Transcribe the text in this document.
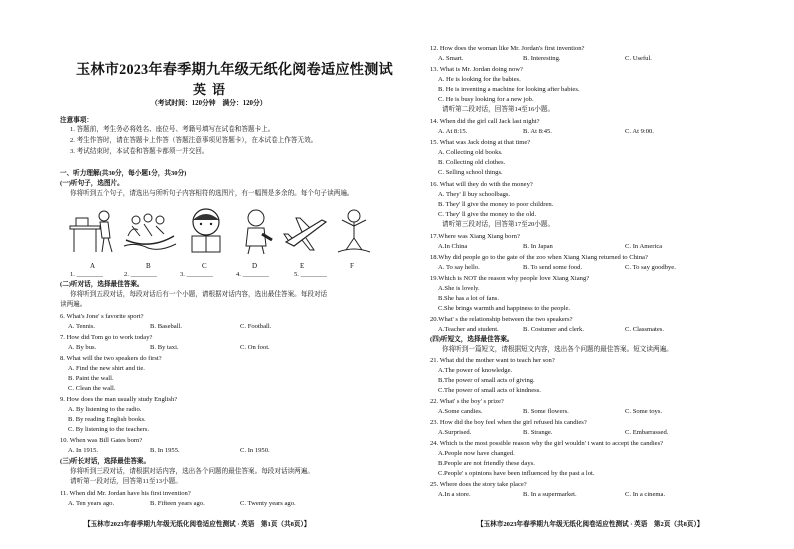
玉林市2023年春季期九年级无纸化阅卷适应性测试
英语
（考试时间：120分钟　满分：120分）
注意事项：
1. 答题前，考生务必将姓名、座位号、考籍号填写在试卷和答题卡上。
2. 考生作答时，请在答题卡上作答（答题注意事项见答题卡），在本试卷上作答无效。
3. 考试结束时，本试卷和答题卡都须一并交回。
一、听力理解(共30分，每小题1分，共30分)
(一)听句子，选图片。
你将听到五个句子，请选出与所听句子内容相符的选图片，有一幅图是多余的。每个句子读两遍。
A	B	C	D	E	F
1. ________	2. ________	3. ________	4. ________	5. ________
(二)听对话，选择最佳答案。
你将听到五段对话，每段对话后有一个小题，请根据对话内容，选出最佳答案。每段对话
读两遍。
6. What's Jone' s favorite sport?
A. Tennis.	B. Baseball.	C. Football.
7. How did Tom go to work today?
A. By bus.	B. By taxi.	C. On foot.
8. What will the two speakers do first?
A. Find the new shirt and tie.
B. Paint the wall.
C. Clean the wall.
9. How does the man usually study English?
A. By listening to the radio.
B. By reading English books.
C. By listening to the teachers.
10. When was Bill Gates born?
A. In 1915.	B. In 1955.	C. In 1950.
(三)听长对话，选择最佳答案。
你将听到三段对话，请根据对话内容，选出各个问题的最佳答案。每段对话读两遍。
请听第一段对话，回答第11至13小题。
11. When did Mr. Jordan have his first invention?
A. Ten years ago.	B. Fifteen years ago.	C. Twenty years ago.
【玉林市2023年春季期九年级无纸化阅卷适应性测试 · 英语　第1页（共8页）】
12. How does the woman like Mr. Jordan's first invention?
A. Smart.	B. Interesting.	C. Useful.
13. What is Mr. Jordan doing now?
A. He is looking for the babies.
B. He is inventing a machine for looking after babies.
C. He is busy looking for a new job.
请听第二段对话，回答第14至16小题。
14. When did the girl call Jack last night?
A. At 8:15.	B. At 8:45.	C. At 9:00.
15. What was Jack doing at that time?
A. Collecting old books.
B. Collecting old clothes.
C. Selling school things.
16. What will they do with the money?
A. They' ll buy schoolbags.
B. They' ll give the money to poor children.
C. They' ll give the money to the old.
请听第三段对话，回答第17至20小题。
17.Where was Xiang Xiang born?
A.In China	B. In Japan	C. In America
18.Why did people go to the gate of the zoo when Xiang Xiang returned to China?
A. To say hello.	B. To send some food.	C. To say goodbye.
19.Which is NOT the reason why people love Xiang Xiang?
A.She is lovely.
B.She has a lot of fans.
C.She brings warmth and happiness to the people.
20.What' s the relationship between the two speakers?
A.Teacher and student.	B. Costumer and clerk.	C. Classmates.
(四)听短文，选择最佳答案。
你将听到一篇短文，请根据短文内容，选出各个问题的最佳答案。短文读两遍。
21. What did the mother want to teach her son?
A.The power of knowledge.
B.The power of small acts of giving.
C.The power of small acts of kindness.
22. What' s the boy' s prize?
A.Some candies.	B. Some flowers.	C. Some toys.
23. How did the boy feel when the girl refused his candies?
A.Surprised.	B. Strange.	C. Embarrassed.
24. Which is the most possible reason why the girl wouldn' t want to accept the candies?
A.People now have changed.
B.People are not friendly these days.
C.People' s opinions have been influenced by the past a lot.
25. Where does the story take place?
A.In a store.	B. In a supermarket.	C. In a cinema.
【玉林市2023年春季期九年级无纸化阅卷适应性测试 · 英语　第2页（共8页）】
